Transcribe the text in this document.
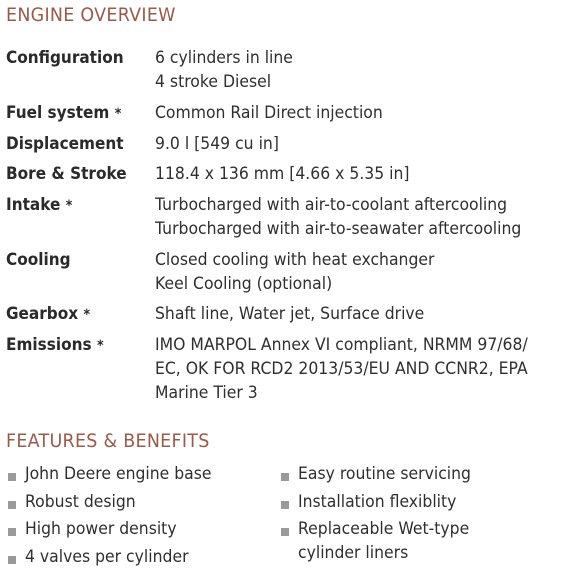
ENGINE OVERVIEW
Configuration 6 cylinders in line
4 stroke Diesel
Fuel system * Common Rail Direct injection
Displacement 9.0 l [549 cu in]
Bore & Stroke 118.4 x 136 mm [4.66 x 5.35 in]
Intake *	Turbocharged with air-to-coolant aftercooling
Turbocharged with air-to-seawater aftercooling
Cooling	Closed cooling with heat exchanger
Keel Cooling (optional)
Gearbox *	Shaft line, Water jet, Surface drive
Emissions *	IMO MARPOL Annex VI compliant, NRMM 97/68/
EC, OK FOR RCD2 2013/53/EU AND CCNR2, EPA
Marine Tier 3
FEATURES & BENEFITS
John Deere engine base
Robust design
High power density
4 valves per cylinder
Easy routine servicing
Installation flexiblity
Replaceable Wet-type
cylinder liners
